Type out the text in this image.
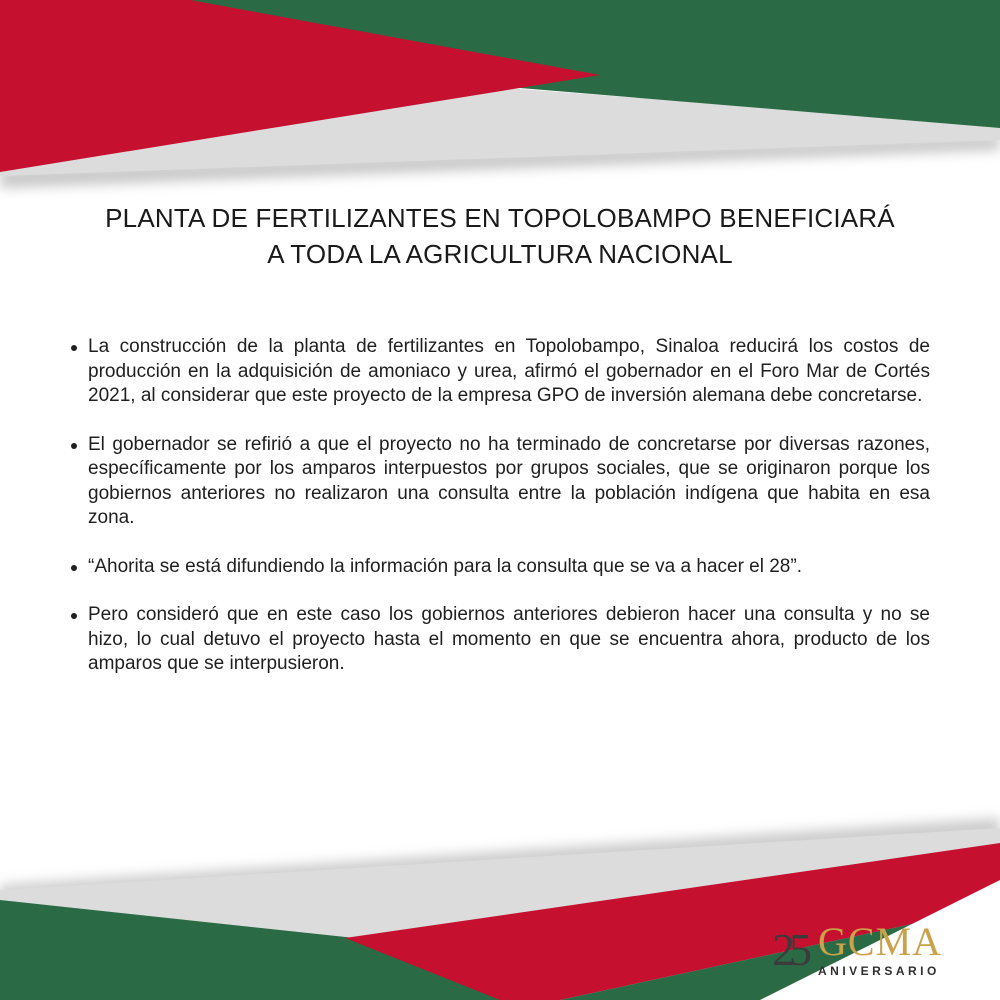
PLANTA DE FERTILIZANTES EN TOPOLOBAMPO BENEFICIARÁ
A TODA LA AGRICULTURA NACIONAL
La construcción de la planta de fertilizantes en Topolobampo, Sinaloa reducirá los costos de producción en la adquisición de amoniaco y urea, afirmó el gobernador en el Foro Mar de Cortés 2021, al considerar que este proyecto de la empresa GPO de inversión alemana debe concretarse.
El gobernador se refirió a que el proyecto no ha terminado de concretarse por diversas razones, específicamente por los amparos interpuestos por grupos sociales, que se originaron porque los gobiernos anteriores no realizaron una consulta entre la población indígena que habita en esa zona.
“Ahorita se está difundiendo la información para la consulta que se va a hacer el 28”.
Pero consideró que en este caso los gobiernos anteriores debieron hacer una consulta y no se hizo, lo cual detuvo el proyecto hasta el momento en que se encuentra ahora, producto de los amparos que se interpusieron.
25 GCMA
ANIVERSARIO
